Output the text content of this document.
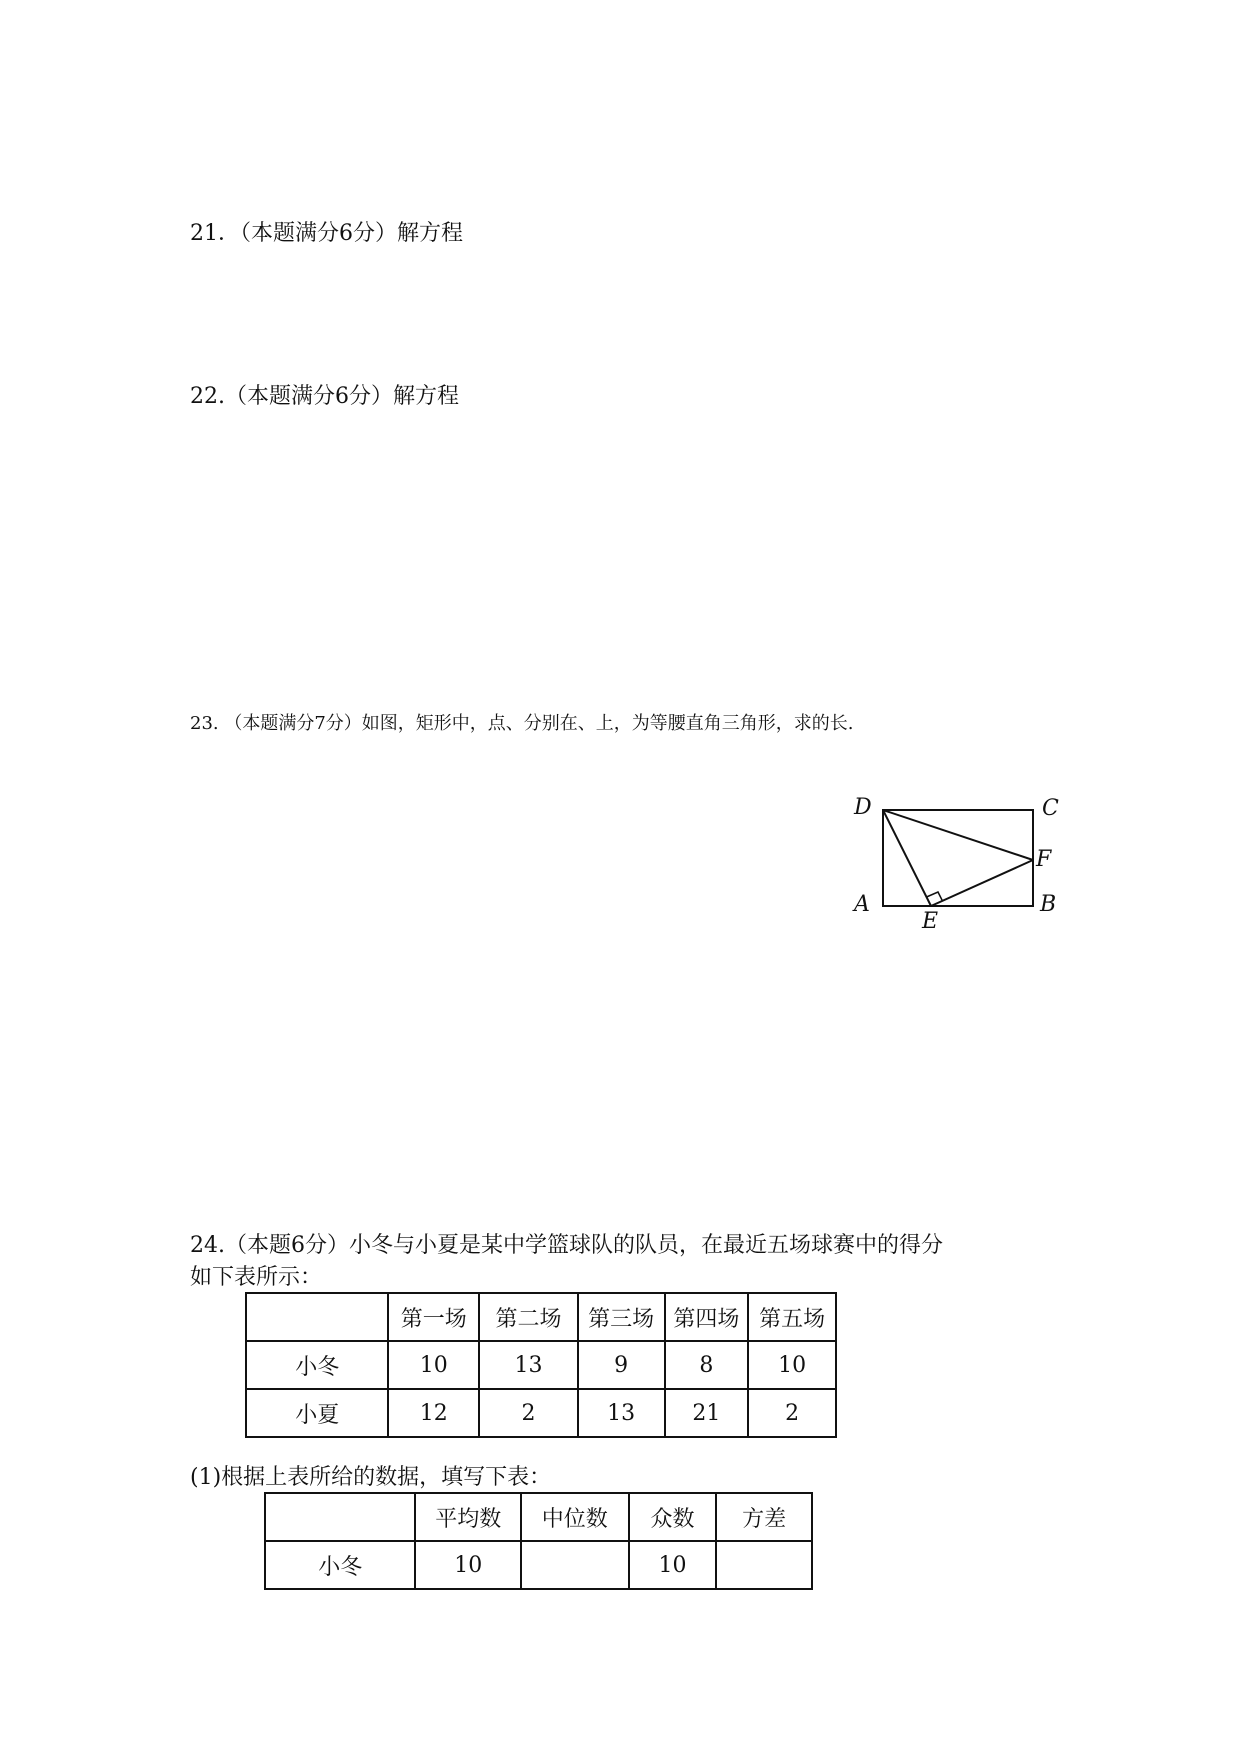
21．（本题满分6分）解方程
22.（本题满分6分）解方程
23. （本题满分7分）如图，矩形中，点、分别在、上，为等腰直角三角形，求的长.
D	C
F
A	B
E
24.（本题6分）小冬与小夏是某中学篮球队的队员，在最近五场球赛中的得分
如下表所示：
	第一场	第二场	第三场	第四场	第五场
小冬	10	13	9	8	10
小夏	12	2	13	21	2
(1)根据上表所给的数据，填写下表：
	平均数	中位数	众数	方差
小冬	10		10	
